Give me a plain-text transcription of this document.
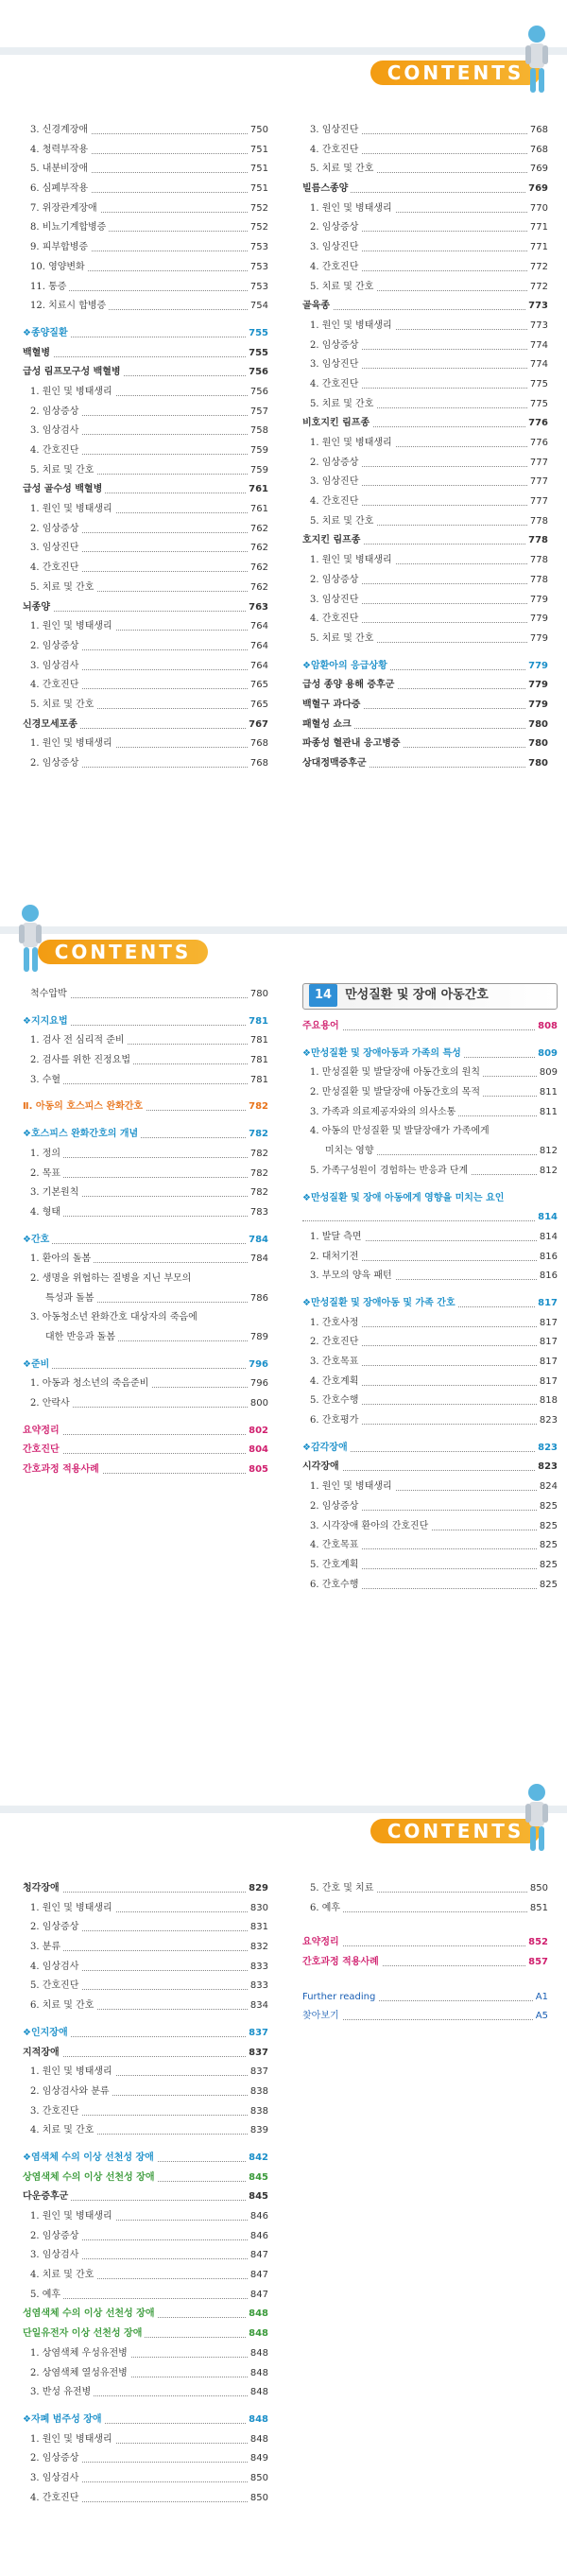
CONTENTS
3. 신경계장애	750
4. 청력부작용	751
5. 내분비장애	751
6. 심폐부작용	751
7. 위장관계장애	752
8. 비뇨기계합병증	752
9. 피부합병증	753
10. 영양변화	753
11. 통증	753
12. 치료시 합병증	754
❖종양질환	755
백혈병	755
급성 림프모구성 백혈병	756
1. 원인 및 병태생리	756
2. 임상증상	757
3. 임상검사	758
4. 간호진단	759
5. 치료 및 간호	759
급성 골수성 백혈병	761
1. 원인 및 병태생리	761
2. 임상증상	762
3. 임상진단	762
4. 간호진단	762
5. 치료 및 간호	762
뇌종양	763
1. 원인 및 병태생리	764
2. 임상증상	764
3. 임상검사	764
4. 간호진단	765
5. 치료 및 간호	765
신경모세포종	767
1. 원인 및 병태생리	768
2. 임상증상	768
3. 임상진단	768
4. 간호진단	768
5. 치료 및 간호	769
빌름스종양	769
1. 원인 및 병태생리	770
2. 임상증상	771
3. 임상진단	771
4. 간호진단	772
5. 치료 및 간호	772
골육종	773
1. 원인 및 병태생리	773
2. 임상증상	774
3. 임상진단	774
4. 간호진단	775
5. 치료 및 간호	775
비호지킨 림프종	776
1. 원인 및 병태생리	776
2. 임상증상	777
3. 임상진단	777
4. 간호진단	777
5. 치료 및 간호	778
호지킨 림프종	778
1. 원인 및 병태생리	778
2. 임상증상	778
3. 임상진단	779
4. 간호진단	779
5. 치료 및 간호	779
❖암환아의 응급상황	779
급성 종양 용해 증후군	779
백혈구 과다증	779
패혈성 쇼크	780
파종성 혈관내 응고병증	780
상대정맥증후군	780
CONTENTS
척수압박	780
❖지지요법	781
1. 검사 전 심리적 준비	781
2. 검사를 위한 진정요법	781
3. 수혈	781
Ⅱ. 아동의 호스피스 완화간호	782
❖호스피스 완화간호의 개념	782
1. 정의	782
2. 목표	782
3. 기본원칙	782
4. 형태	783
❖간호	784
1. 환아의 돌봄	784
2. 생명을 위협하는 질병을 지닌 부모의
특성과 돌봄	786
3. 아동청소년 완화간호 대상자의 죽음에
대한 반응과 돌봄	789
❖준비	796
1. 아동과 청소년의 죽음준비	796
2. 안락사	800
요약정리	802
간호진단	804
간호과정 적용사례	805
14 만성질환 및 장애 아동간호
주요용어	808
❖만성질환 및 장애아동과 가족의 특성	809
1. 만성질환 및 발달장애 아동간호의 원칙	809
2. 만성질환 및 발달장애 아동간호의 목적	811
3. 가족과 의료제공자와의 의사소통	811
4. 아동의 만성질환 및 발달장애가 가족에게
미치는 영향	812
5. 가족구성원이 경험하는 반응과 단계	812
❖만성질환 및 장애 아동에게 영향을 미치는 요인
814
1. 발달 측면	814
2. 대처기전	816
3. 부모의 양육 패턴	816
❖만성질환 및 장애아동 및 가족 간호	817
1. 간호사정	817
2. 간호진단	817
3. 간호목표	817
4. 간호계획	817
5. 간호수행	818
6. 간호평가	823
❖감각장애	823
시각장애	823
1. 원인 및 병태생리	824
2. 임상증상	825
3. 시각장애 환아의 간호진단	825
4. 간호목표	825
5. 간호계획	825
6. 간호수행	825
CONTENTS
청각장애	829
1. 원인 및 병태생리	830
2. 임상증상	831
3. 분류	832
4. 임상검사	833
5. 간호진단	833
6. 치료 및 간호	834
❖인지장애	837
지적장애	837
1. 원인 및 병태생리	837
2. 임상검사와 분류	838
3. 간호진단	838
4. 치료 및 간호	839
❖염색체 수의 이상 선천성 장애	842
상염색체 수의 이상 선천성 장애	845
다운증후군	845
1. 원인 및 병태생리	846
2. 임상증상	846
3. 임상검사	847
4. 치료 및 간호	847
5. 예후	847
성염색체 수의 이상 선천성 장애	848
단일유전자 이상 선천성 장애	848
1. 상염색체 우성유전병	848
2. 상염색체 열성유전병	848
3. 반성 유전병	848
❖자폐 범주성 장애	848
1. 원인 및 병태생리	848
2. 임상증상	849
3. 임상검사	850
4. 간호진단	850
5. 간호 및 치료	850
6. 예후	851
요약정리	852
간호과정 적용사례	857
Further reading	A1
찾아보기	A5
